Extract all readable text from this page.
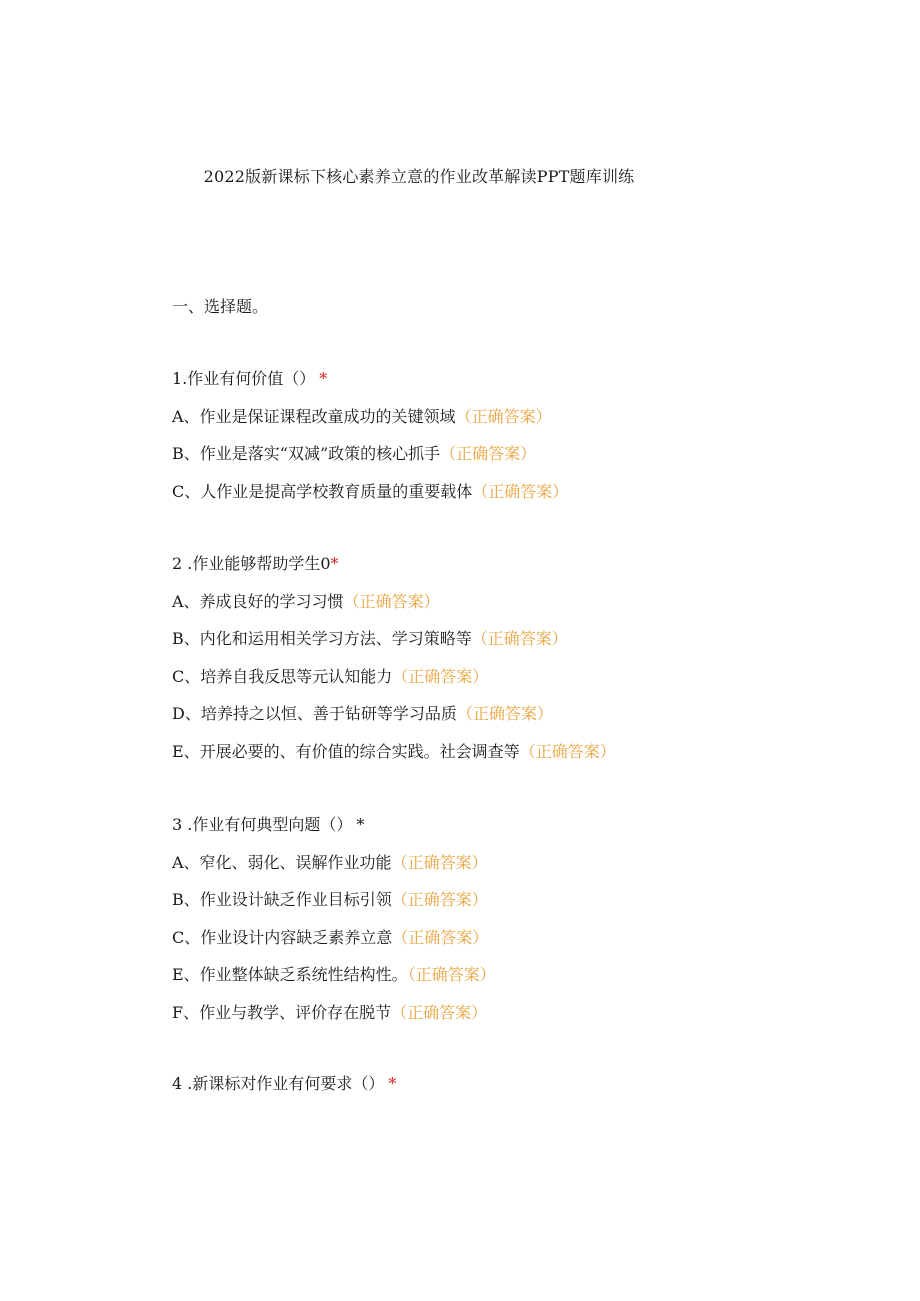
2022版新课标下核心素养立意的作业改革解读PPT题库训练
一、选择题。
1.作业有何价值（） *
A、作业是保证课程改童成功的关键领域（正确答案）
B、作业是落实“双减”政策的核心抓手（正确答案）
C、人作业是提高学校教育质量的重要载体（正确答案）
2 .作业能够帮助学生0*
A、养成良好的学习习惯（正确答案）
B、内化和运用相关学习方法、学习策略等（正确答案）
C、培养自我反思等元认知能力（正确答案）
D、培养持之以恒、善于钻研等学习品质（正确答案）
E、开展必要的、有价值的综合实践。社会调查等（正确答案）
3 .作业有何典型向题（） *
A、窄化、弱化、误解作业功能（正确答案）
B、作业设计缺乏作业目标引领（正确答案）
C、作业设计内容缺乏素养立意（正确答案）
E、作业整体缺乏系统性结构性。（正确答案）
F、作业与教学、评价存在脱节（正确答案）
4 .新课标对作业有何要求（） *
